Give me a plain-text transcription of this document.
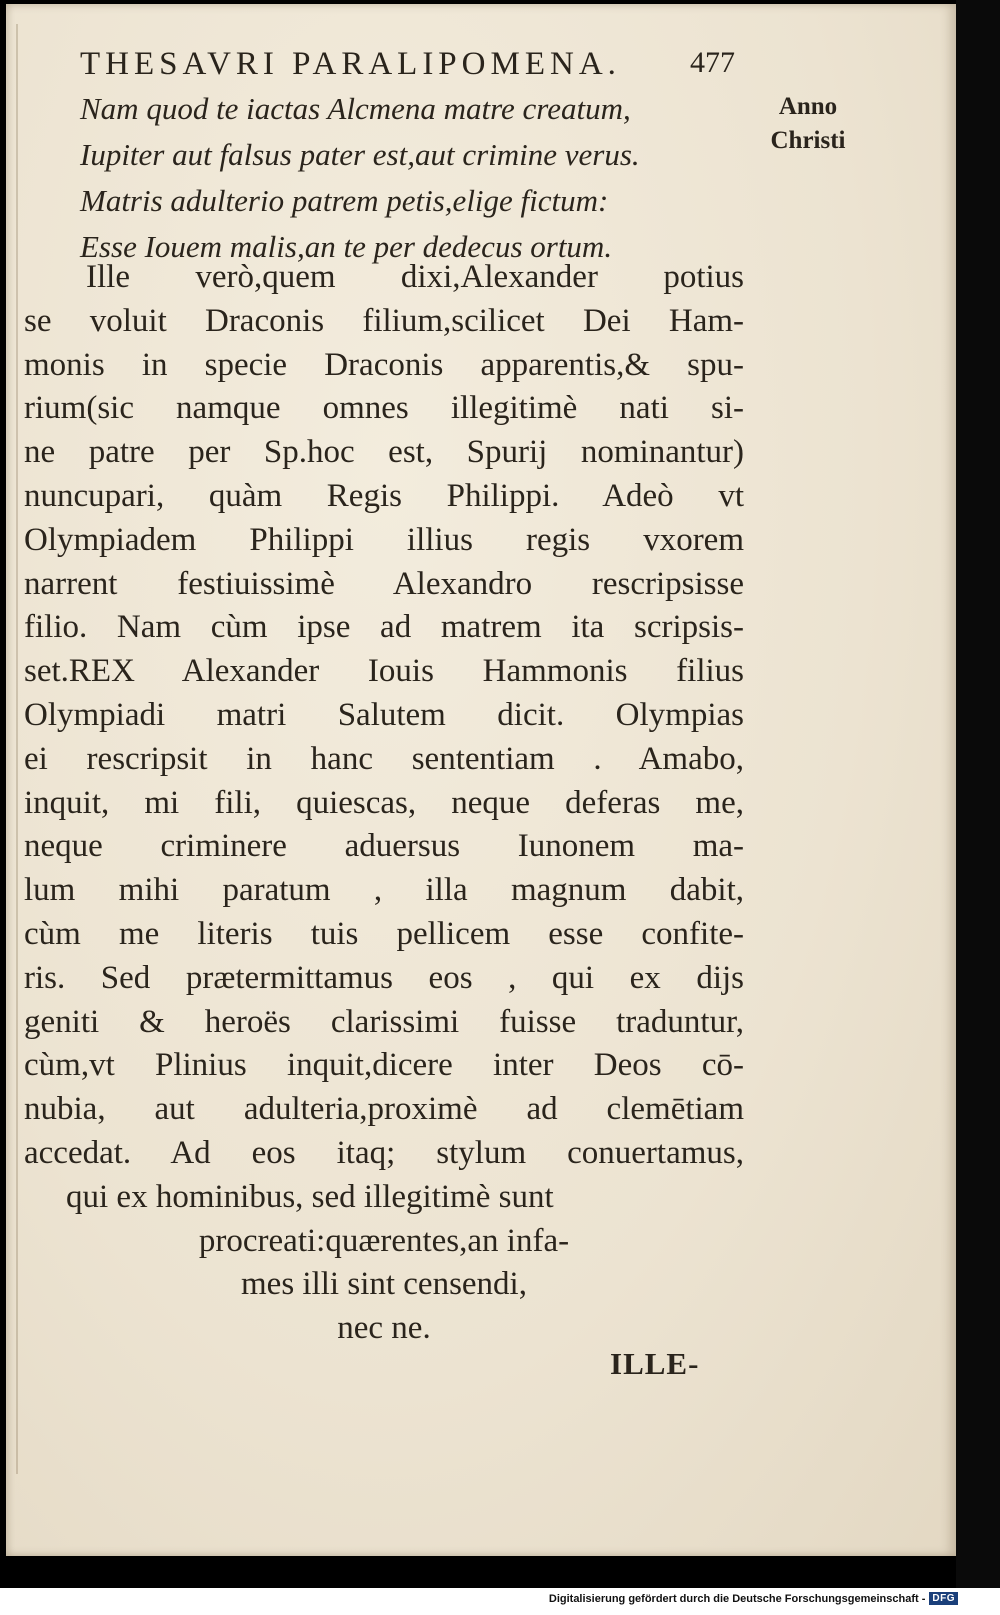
THESAVRI PARALIPOMENA. 477
Anno
Christi
Nam quod te iactas Alcmena matre creatum,
Iupiter aut falsus pater est,aut crimine verus.
Matris adulterio patrem petis,elige fictum:
Esse Iouem malis,an te per dedecus ortum.
Ille verò,quem dixi,Alexander potius
se voluit Draconis filium,scilicet Dei Ham-
monis in specie Draconis apparentis,& spu-
rium(sic namque omnes illegitimè nati si-
ne patre per Sp.hoc est, Spurij nominantur)
nuncupari, quàm Regis Philippi. Adeò vt
Olympiadem Philippi illius regis vxorem
narrent festiuissimè Alexandro rescripsisse
filio. Nam cùm ipse ad matrem ita scripsis-
set.REX Alexander Iouis Hammonis filius
Olympiadi matri Salutem dicit. Olympias
ei rescripsit in hanc sententiam . Amabo,
inquit, mi fili, quiescas, neque deferas me,
neque criminere aduersus Iunonem ma-
lum mihi paratum , illa magnum dabit,
cùm me literis tuis pellicem esse confite-
ris. Sed prætermittamus eos , qui ex dijs
geniti & heroës clarissimi fuisse traduntur,
cùm,vt Plinius inquit,dicere inter Deos cō-
nubia, aut adulteria,proximè ad clemētiam
accedat. Ad eos itaq; stylum conuertamus,
qui ex hominibus, sed illegitimè sunt
procreati:quærentes,an infa-
mes illi sint censendi,
nec ne.
ILLE-
Digitalisierung gefördert durch die Deutsche Forschungsgemeinschaft - DFG
